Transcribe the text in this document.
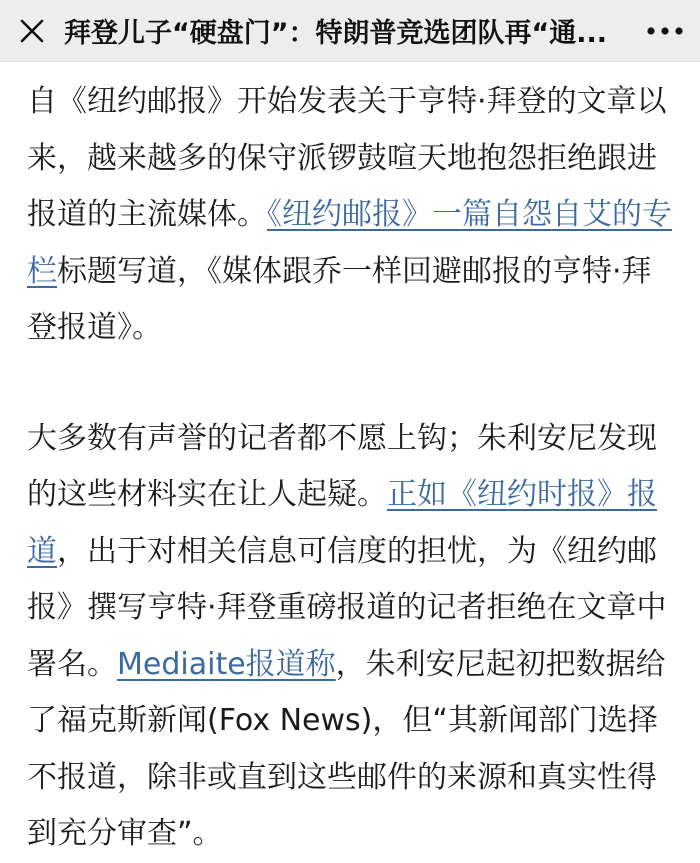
拜登儿子“硬盘门”：特朗普竞选团队再“通...

自《纽约邮报》开始发表关于亨特·拜登的文章以来，越来越多的保守派锣鼓喧天地抱怨拒绝跟进报道的主流媒体。《纽约邮报》一篇自怨自艾的专栏标题写道，《媒体跟乔一样回避邮报的亨特·拜登报道》。

大多数有声誉的记者都不愿上钩；朱利安尼发现的这些材料实在让人起疑。正如《纽约时报》报道，出于对相关信息可信度的担忧，为《纽约邮报》撰写亨特·拜登重磅报道的记者拒绝在文章中署名。Mediaite报道称，朱利安尼起初把数据给了福克斯新闻(Fox News)，但“其新闻部门选择不报道，除非或直到这些邮件的来源和真实性得到充分审查”。
